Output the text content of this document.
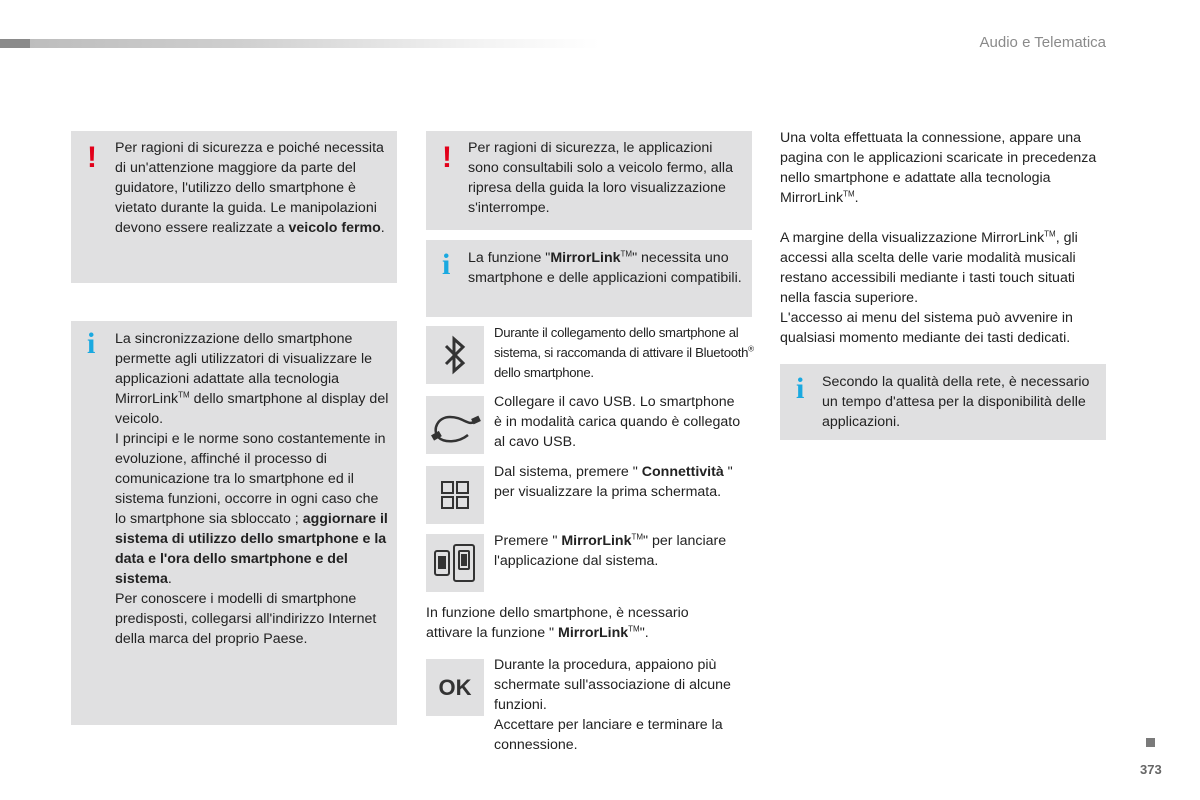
Audio e Telematica
! Per ragioni di sicurezza e poiché necessita di un'attenzione maggiore da parte del guidatore, l'utilizzo dello smartphone è vietato durante la guida. Le manipolazioni devono essere realizzate a veicolo fermo.
i La sincronizzazione dello smartphone permette agli utilizzatori di visualizzare le applicazioni adattate alla tecnologia MirrorLink™ dello smartphone al display del veicolo.
I principi e le norme sono costantemente in evoluzione, affinché il processo di comunicazione tra lo smartphone ed il sistema funzioni, occorre in ogni caso che lo smartphone sia sbloccato ; aggiornare il sistema di utilizzo dello smartphone e la data e l'ora dello smartphone e del sistema.
Per conoscere i modelli di smartphone predisposti, collegarsi all'indirizzo Internet della marca del proprio Paese.
! Per ragioni di sicurezza, le applicazioni sono consultabili solo a veicolo fermo, alla ripresa della guida la loro visualizzazione s'interrompe.
i La funzione "MirrorLink™" necessita uno smartphone e delle applicazioni compatibili.
Durante il collegamento dello smartphone al sistema, si raccomanda di attivare il Bluetooth® dello smartphone.
Collegare il cavo USB. Lo smartphone è in modalità carica quando è collegato al cavo USB.
Dal sistema, premere " Connettività " per visualizzare la prima schermata.
Premere " MirrorLink™" per lanciare l'applicazione dal sistema.
In funzione dello smartphone, è ncessario attivare la funzione " MirrorLink™".
OK
Durante la procedura, appaiono più schermate sull'associazione di alcune funzioni.
Accettare per lanciare e terminare la connessione.
Una volta effettuata la connessione, appare una pagina con le applicazioni scaricate in precedenza nello smartphone e adattate alla tecnologia MirrorLink™.
A margine della visualizzazione MirrorLink™, gli accessi alla scelta delle varie modalità musicali restano accessibili mediante i tasti touch situati nella fascia superiore.
L'accesso ai menu del sistema può avvenire in qualsiasi momento mediante dei tasti dedicati.
i Secondo la qualità della rete, è necessario un tempo d'attesa per la disponibilità delle applicazioni.
373
